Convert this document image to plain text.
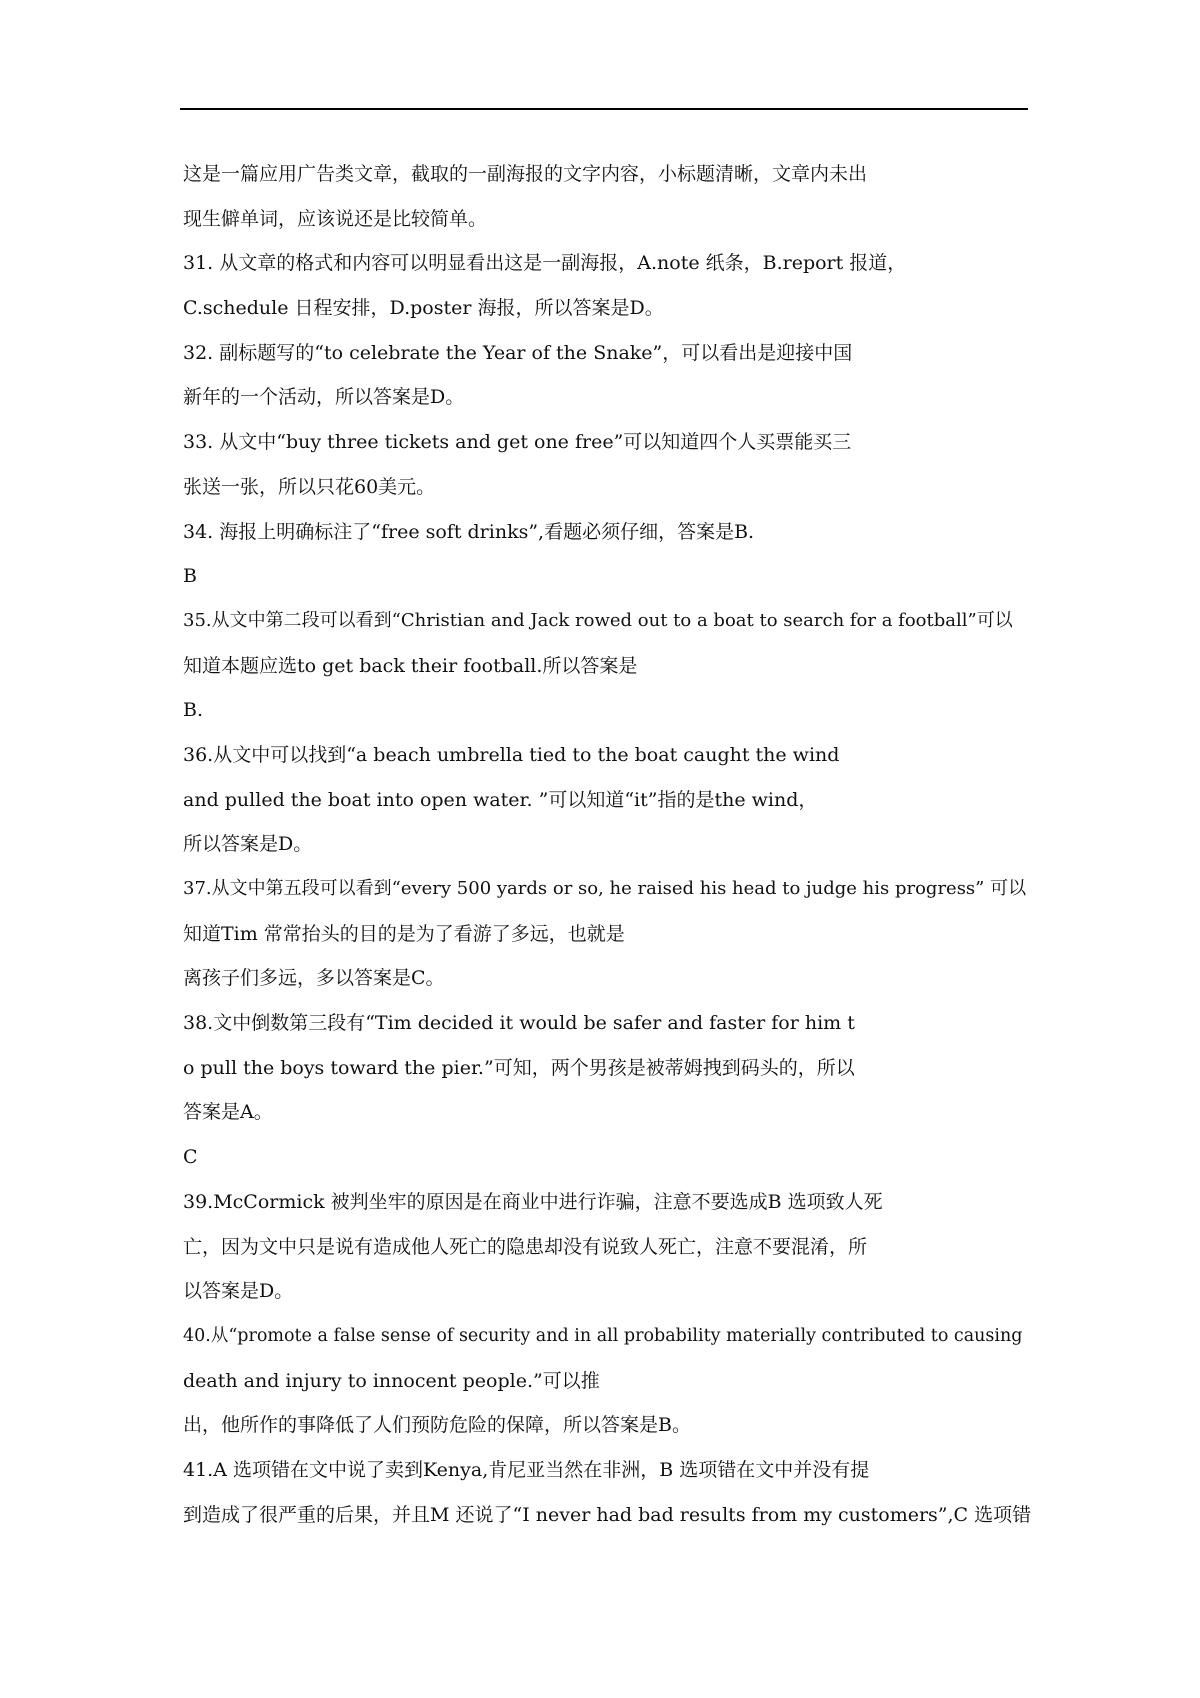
这是一篇应用广告类文章，截取的一副海报的文字内容，小标题清晰，文章内未出
现生僻单词，应该说还是比较简单。
31. 从文章的格式和内容可以明显看出这是一副海报，A.note 纸条，B.report 报道，
C.schedule 日程安排，D.poster 海报，所以答案是D。
32. 副标题写的“to celebrate the Year of the Snake”，可以看出是迎接中国
新年的一个活动，所以答案是D。
33. 从文中“buy three tickets and get one free”可以知道四个人买票能买三
张送一张，所以只花60美元。
34. 海报上明确标注了“free soft drinks”,看题必须仔细，答案是B.
B
35.从文中第二段可以看到“Christian and Jack rowed out to a boat to search for a football”可以
知道本题应选to get back their football.所以答案是
B.
36.从文中可以找到“a beach umbrella tied to the boat caught the wind
and pulled the boat into open water. ”可以知道“it”指的是the wind，
所以答案是D。
37.从文中第五段可以看到“every 500 yards or so, he raised his head to judge his progress” 可以
知道Tim 常常抬头的目的是为了看游了多远，也就是
离孩子们多远，多以答案是C。
38.文中倒数第三段有“Tim decided it would be safer and faster for him t
o pull the boys toward the pier.”可知，两个男孩是被蒂姆拽到码头的，所以
答案是A。
C
39.McCormick 被判坐牢的原因是在商业中进行诈骗，注意不要选成B 选项致人死
亡，因为文中只是说有造成他人死亡的隐患却没有说致人死亡，注意不要混淆，所
以答案是D。
40.从“promote a false sense of security and in all probability materially contributed to causing
death and injury to innocent people.”可以推
出，他所作的事降低了人们预防危险的保障，所以答案是B。
41.A 选项错在文中说了卖到Kenya,肯尼亚当然在非洲，B 选项错在文中并没有提
到造成了很严重的后果，并且M 还说了“I never had bad results from my customers”,C 选项错
